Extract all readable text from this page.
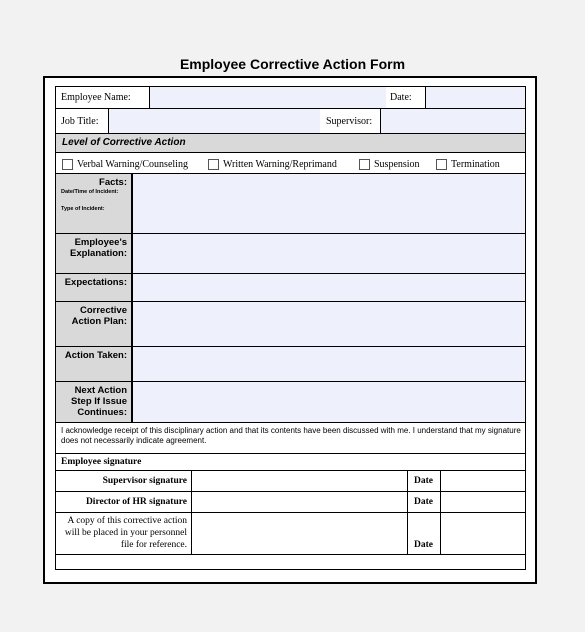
Employee Corrective Action Form
Employee Name:	Date:
Job Title:	Supervisor:
Level of Corrective Action
Verbal Warning/Counseling	Written Warning/Reprimand	Suspension	Termination
Facts:
Date/Time of Incident:
Type of Incident:
Employee's Explanation:
Expectations:
Corrective Action Plan:
Action Taken:
Next Action Step If Issue Continues:
I acknowledge receipt of this disciplinary action and that its contents have been discussed with me. I understand that my signature does not necessarily indicate agreement.
Employee signature
Supervisor signature	Date
Director of HR signature	Date
A copy of this corrective action will be placed in your personnel file for reference.	Date
